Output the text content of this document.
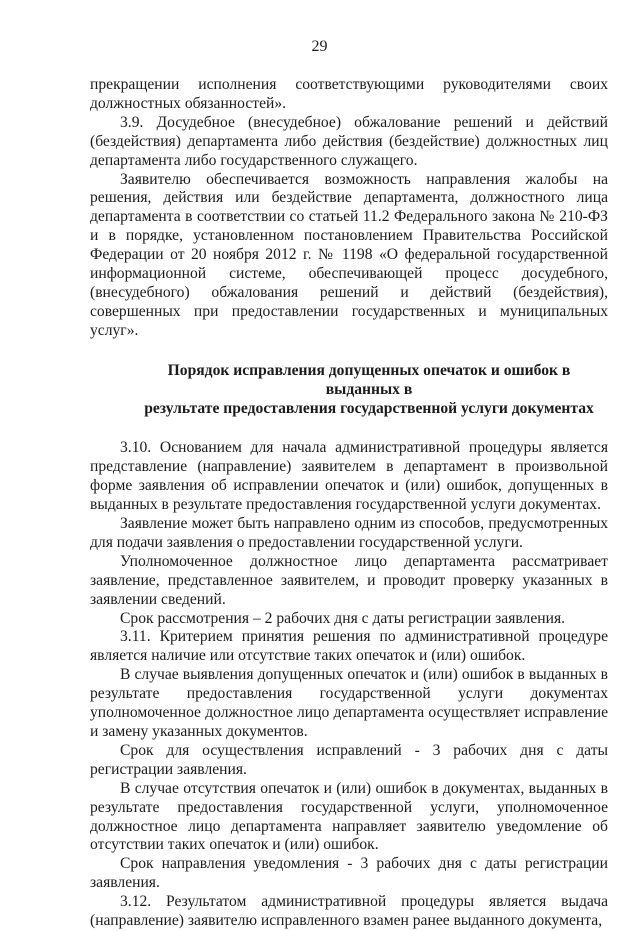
29

прекращении исполнения соответствующими руководителями своих должностных обязанностей».

3.9. Досудебное (внесудебное) обжалование решений и действий (бездействия) департамента либо действия (бездействие) должностных лиц департамента либо государственного служащего.

Заявителю обеспечивается возможность направления жалобы на решения, действия или бездействие департамента, должностного лица департамента в соответствии со статьей 11.2 Федерального закона № 210-ФЗ и в порядке, установленном постановлением Правительства Российской Федерации от 20 ноября 2012 г. № 1198 «О федеральной государственной информационной системе, обеспечивающей процесс досудебного, (внесудебного) обжалования решений и действий (бездействия), совершенных при предоставлении государственных и муниципальных услуг».

Порядок исправления допущенных опечаток и ошибок в выданных в
результате предоставления государственной услуги документах

3.10. Основанием для начала административной процедуры является представление (направление) заявителем в департамент в произвольной форме заявления об исправлении опечаток и (или) ошибок, допущенных в выданных в результате предоставления государственной услуги документах.

Заявление может быть направлено одним из способов, предусмотренных для подачи заявления о предоставлении государственной услуги.

Уполномоченное должностное лицо департамента рассматривает заявление, представленное заявителем, и проводит проверку указанных в заявлении сведений.

Срок рассмотрения – 2 рабочих дня с даты регистрации заявления.

3.11. Критерием принятия решения по административной процедуре является наличие или отсутствие таких опечаток и (или) ошибок.

В случае выявления допущенных опечаток и (или) ошибок в выданных в результате предоставления государственной услуги документах уполномоченное должностное лицо департамента осуществляет исправление и замену указанных документов.

Срок для осуществления исправлений - 3 рабочих дня с даты регистрации заявления.

В случае отсутствия опечаток и (или) ошибок в документах, выданных в результате предоставления государственной услуги, уполномоченное должностное лицо департамента направляет заявителю уведомление об отсутствии таких опечаток и (или) ошибок.

Срок направления уведомления - 3 рабочих дня с даты регистрации заявления.

3.12. Результатом административной процедуры является выдача (направление) заявителю исправленного взамен ранее выданного документа,
